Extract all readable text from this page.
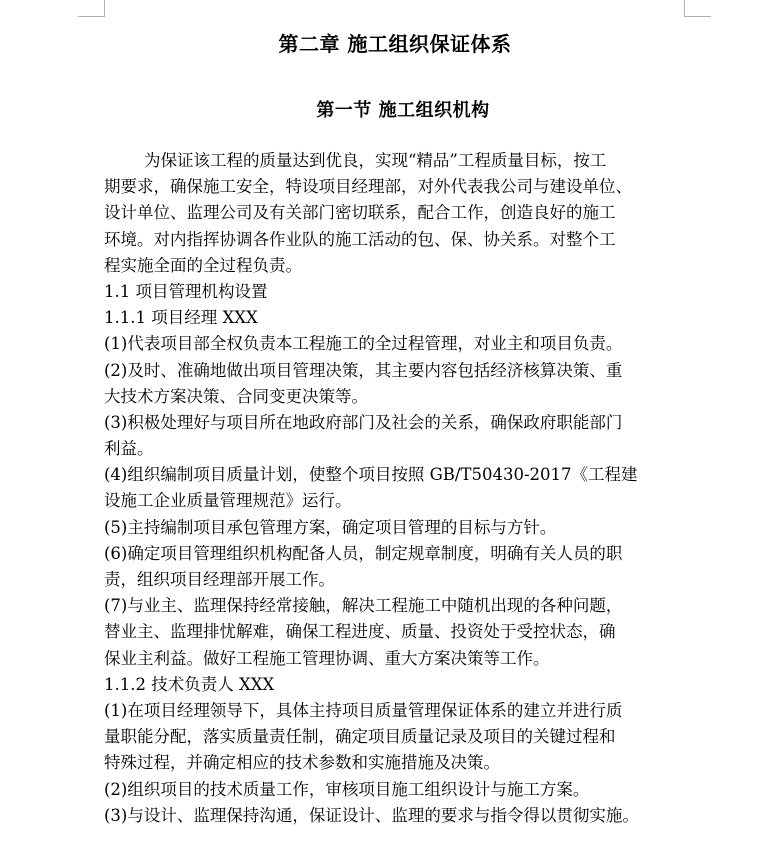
第二章 施工组织保证体系
第一节 施工组织机构
为保证该工程的质量达到优良，实现“精品”工程质量目标，按工
期要求，确保施工安全，特设项目经理部，对外代表我公司与建设单位、
设计单位、监理公司及有关部门密切联系，配合工作，创造良好的施工
环境。对内指挥协调各作业队的施工活动的包、保、协关系。对整个工
程实施全面的全过程负责。
1.1 项目管理机构设置
1.1.1 项目经理 XXX
(1)代表项目部全权负责本工程施工的全过程管理，对业主和项目负责。
(2)及时、准确地做出项目管理决策，其主要内容包括经济核算决策、重
大技术方案决策、合同变更决策等。
(3)积极处理好与项目所在地政府部门及社会的关系，确保政府职能部门
利益。
(4)组织编制项目质量计划，使整个项目按照 GB/T50430-2017《工程建
设施工企业质量管理规范》运行。
(5)主持编制项目承包管理方案，确定项目管理的目标与方针。
(6)确定项目管理组织机构配备人员，制定规章制度，明确有关人员的职
责，组织项目经理部开展工作。
(7)与业主、监理保持经常接触，解决工程施工中随机出现的各种问题，
替业主、监理排忧解难，确保工程进度、质量、投资处于受控状态，确
保业主利益。做好工程施工管理协调、重大方案决策等工作。
1.1.2 技术负责人 XXX
(1)在项目经理领导下，具体主持项目质量管理保证体系的建立并进行质
量职能分配，落实质量责任制，确定项目质量记录及项目的关键过程和
特殊过程，并确定相应的技术参数和实施措施及决策。
(2)组织项目的技术质量工作，审核项目施工组织设计与施工方案。
(3)与设计、监理保持沟通，保证设计、监理的要求与指令得以贯彻实施。
